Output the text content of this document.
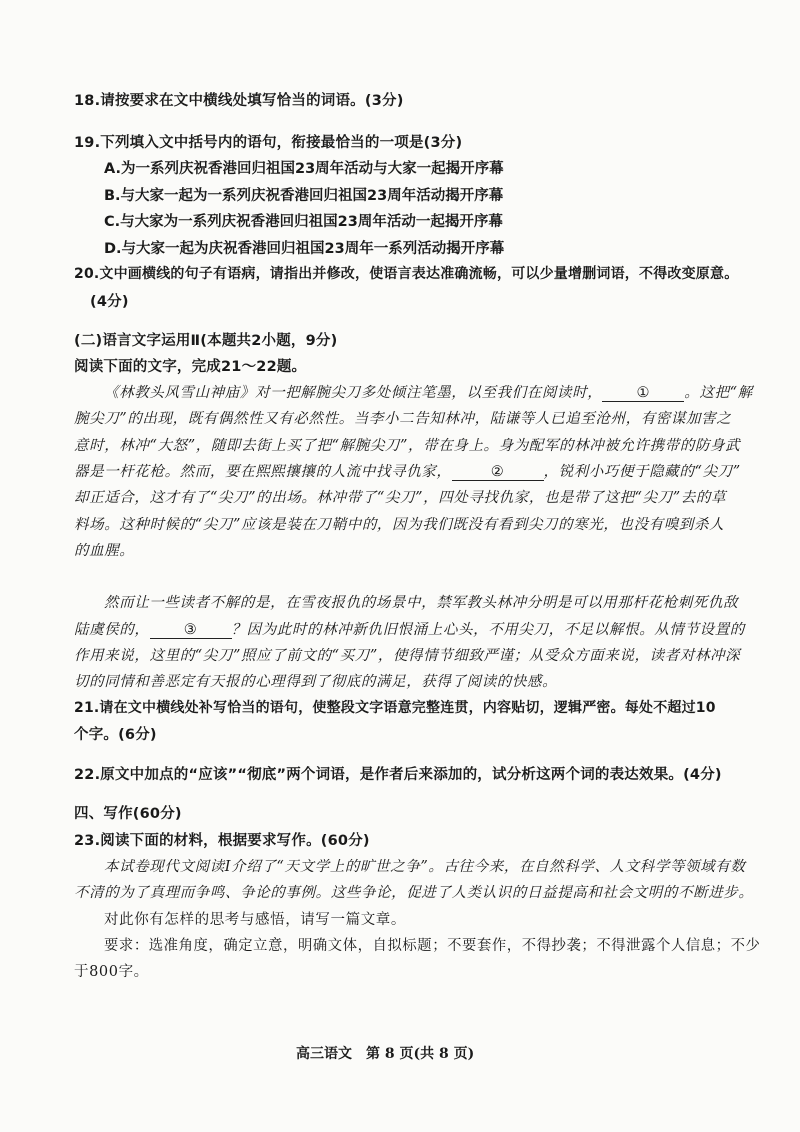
18.请按要求在文中横线处填写恰当的词语。(3分)
19.下列填入文中括号内的语句，衔接最恰当的一项是(3分)
A.为一系列庆祝香港回归祖国23周年活动与大家一起揭开序幕
B.与大家一起为一系列庆祝香港回归祖国23周年活动揭开序幕
C.与大家为一系列庆祝香港回归祖国23周年活动一起揭开序幕
D.与大家一起为庆祝香港回归祖国23周年一系列活动揭开序幕
20.文中画横线的句子有语病，请指出并修改，使语言表达准确流畅，可以少量增删词语，不得改变原意。
(4分)
(二)语言文字运用Ⅱ(本题共2小题，9分)
阅读下面的文字，完成21～22题。
《林教头风雪山神庙》对一把解腕尖刀多处倾注笔墨，以至我们在阅读时， ① 。这把“解
腕尖刀”的出现，既有偶然性又有必然性。当李小二告知林冲，陆谦等人已追至沧州，有密谋加害之
意时，林冲“大怒”，随即去街上买了把“解腕尖刀”，带在身上。身为配军的林冲被允许携带的防身武
器是一杆花枪。然而，要在熙熙攘攘的人流中找寻仇家，	②	，锐利小巧便于隐藏的“尖刀”
却正适合，这才有了“尖刀”的出场。林冲带了“尖刀”，四处寻找仇家，也是带了这把“尖刀”去的草
料场。这种时候的“尖刀”应该是装在刀鞘中的，因为我们既没有看到尖刀的寒光，也没有嗅到杀人
的血腥。
然而让一些读者不解的是，在雪夜报仇的场景中，禁军教头林冲分明是可以用那杆花枪刺死仇敌
陆虞侯的， ③ ？因为此时的林冲新仇旧恨涌上心头，不用尖刀，不足以解恨。从情节设置的
作用来说，这里的“尖刀”照应了前文的“买刀”，使得情节细致严谨；从受众方面来说，读者对林冲深
切的同情和善恶定有天报的心理得到了彻底的满足，获得了阅读的快感。
21.请在文中横线处补写恰当的语句，使整段文字语意完整连贯，内容贴切，逻辑严密。每处不超过10
个字。(6分)
22.原文中加点的“应该”“彻底”两个词语，是作者后来添加的，试分析这两个词的表达效果。(4分)
四、写作(60分)
23.阅读下面的材料，根据要求写作。(60分)
本试卷现代文阅读Ⅰ介绍了“天文学上的旷世之争”。古往今来，在自然科学、人文科学等领域有数
不清的为了真理而争鸣、争论的事例。这些争论，促进了人类认识的日益提高和社会文明的不断进步。
对此你有怎样的思考与感悟，请写一篇文章。
要求：选准角度，确定立意，明确文体，自拟标题；不要套作，不得抄袭；不得泄露个人信息；不少
于800字。
高三语文　第 8 页(共 8 页)
